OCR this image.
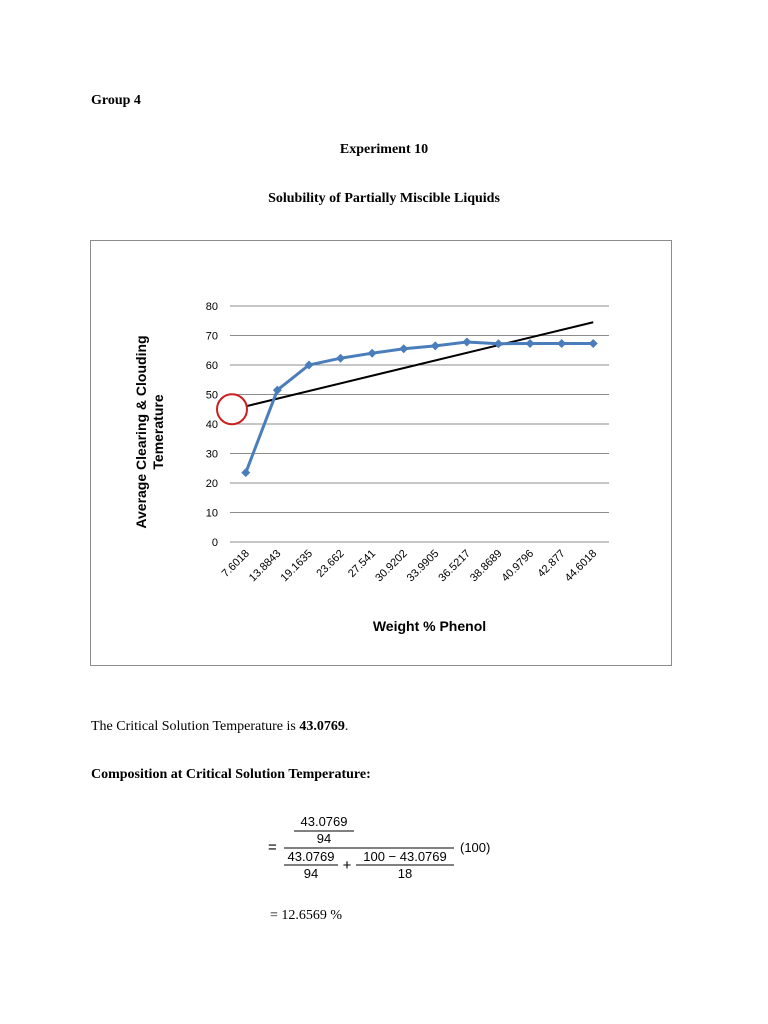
Group 4
Experiment 10
Solubility of Partially Miscible Liquids
0
10
20
30
40
50
60
70
80
7.6018
13.8843
19.1635 23.662 27.541
30.9202
33.9905
36.5217
38.8689
40.9796 42.877
44.6018
Weight % Phenol
Average Clearing & Clouding Temerature
The Critical Solution Temperature is 43.0769.
Composition at Critical Solution Temperature:
=
43.0769
94
43.0769
94 +
100 − 43.0769
18
(100)
= 12.6569 %
